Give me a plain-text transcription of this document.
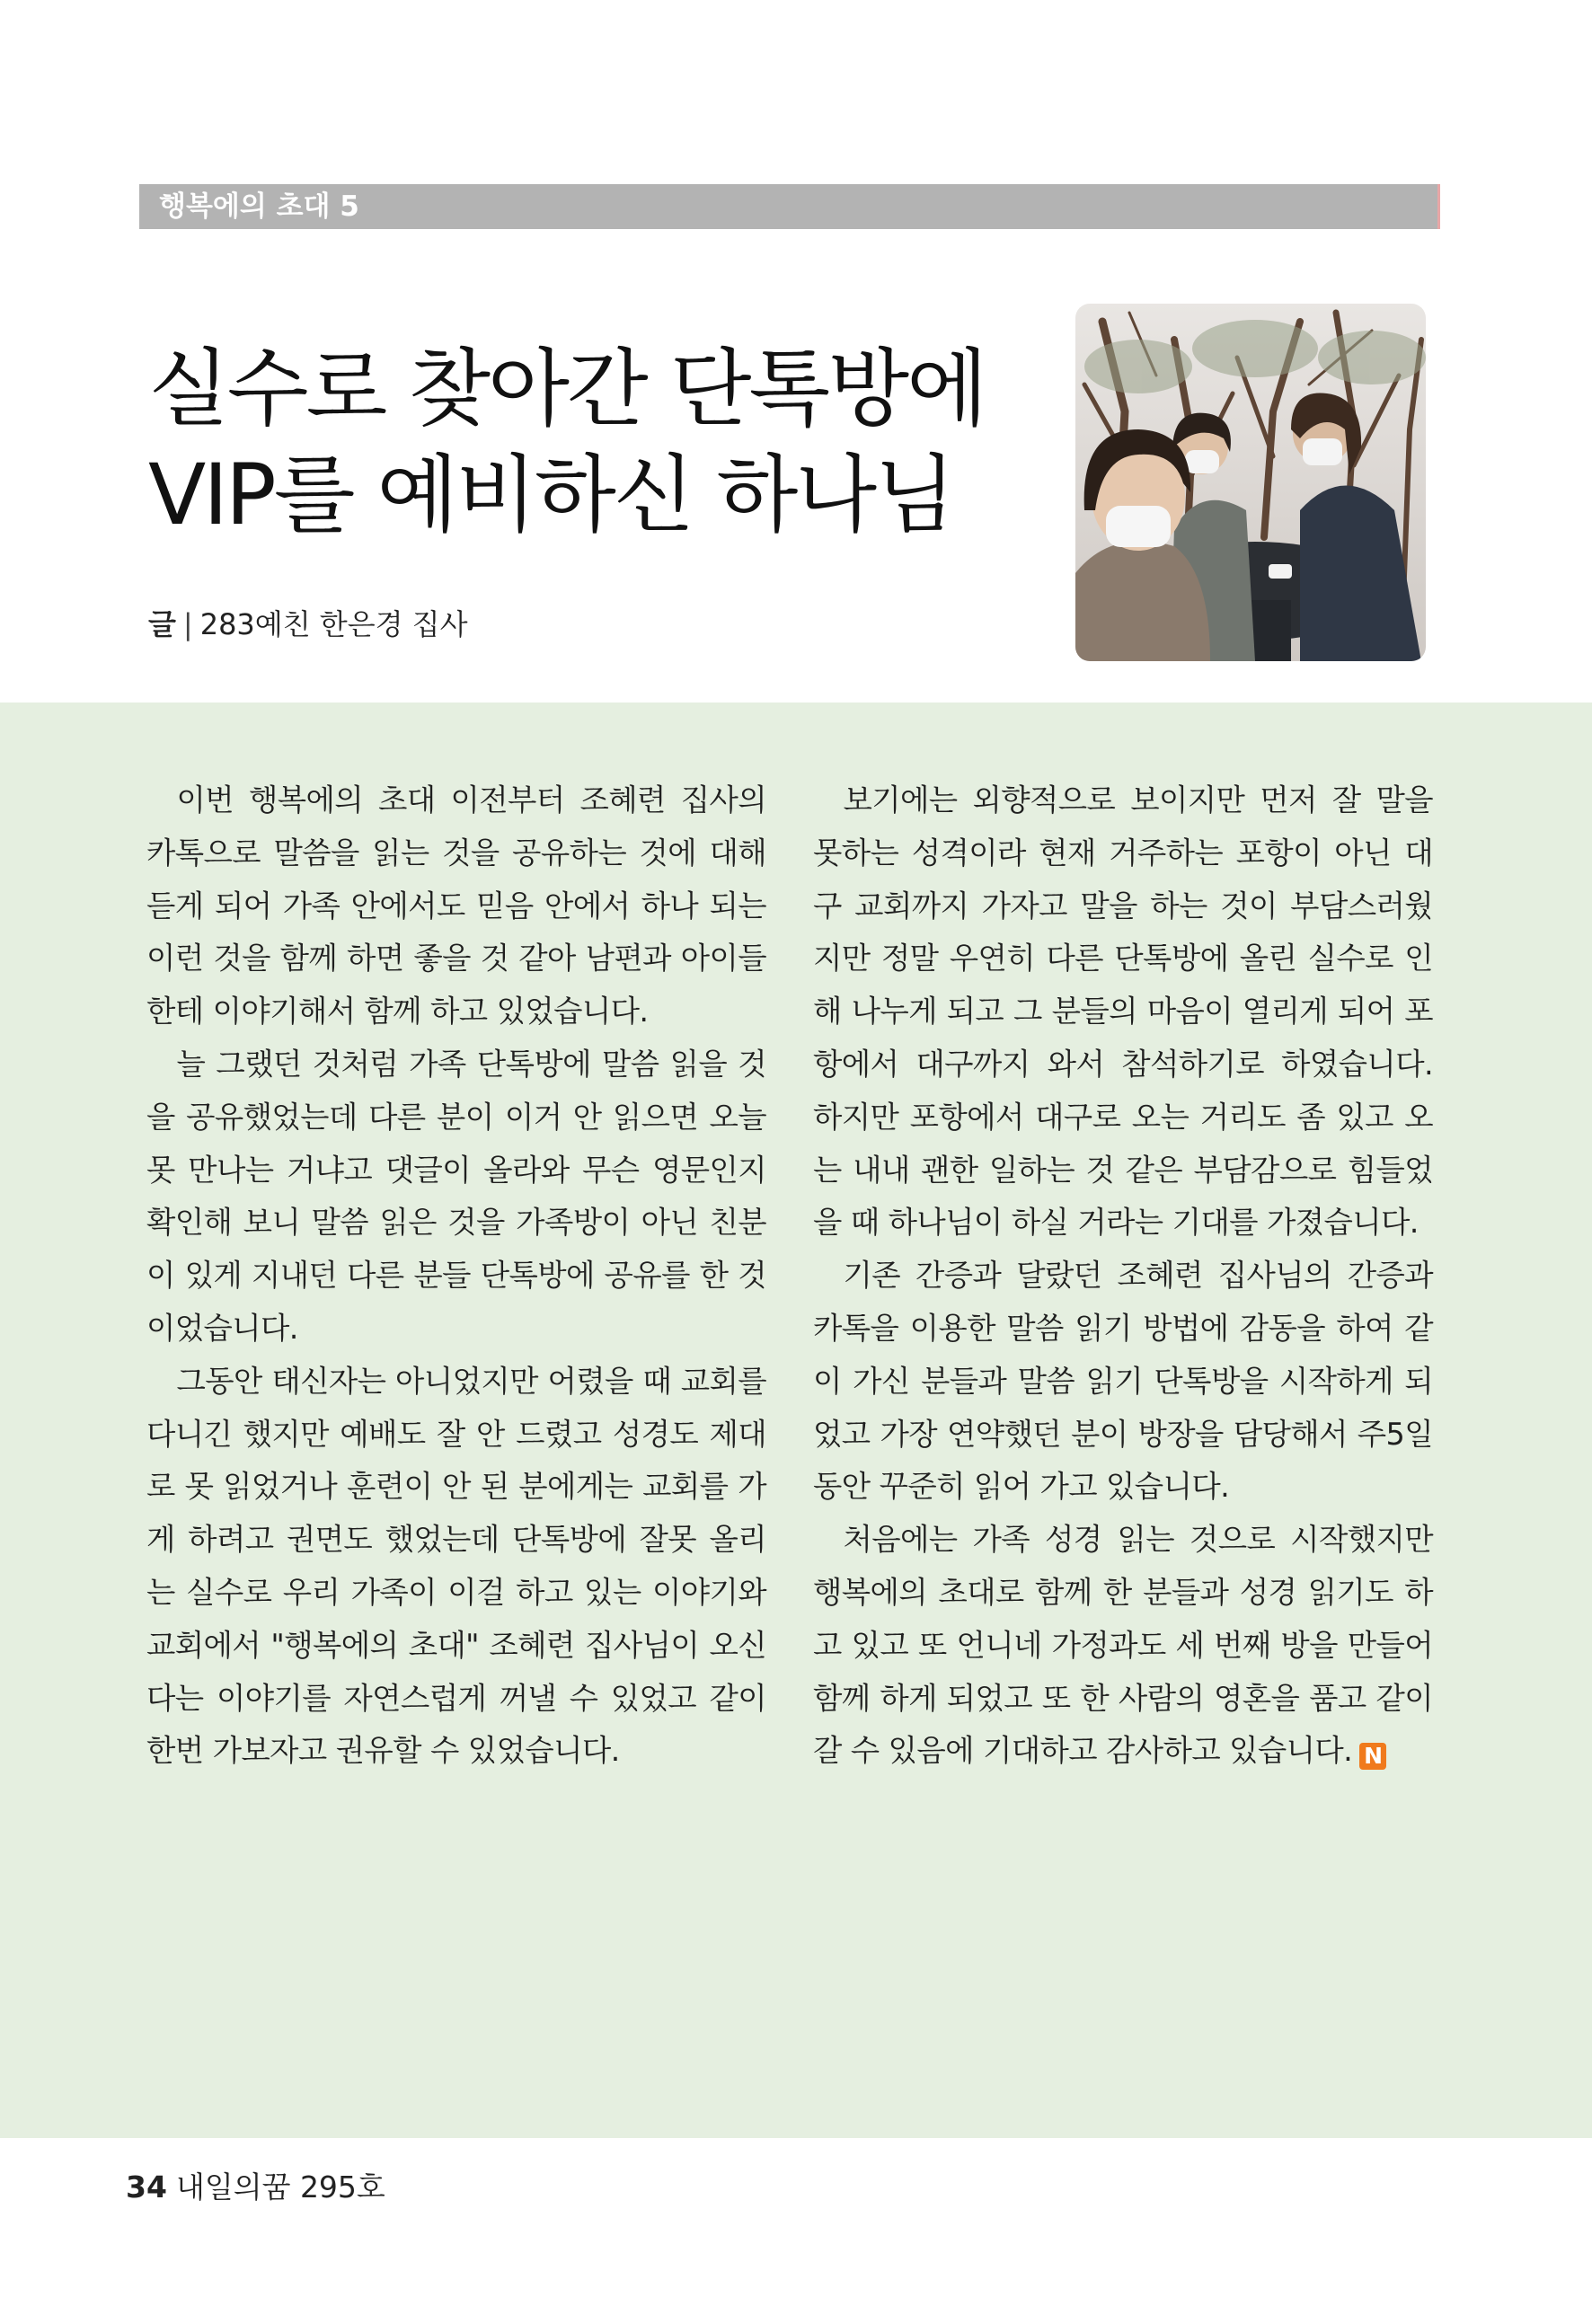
행복에의 초대 5
실수로 찾아간 단톡방에
VIP를 예비하신 하나님
글 | 283예친 한은경 집사

이번 행복에의 초대 이전부터 조혜련 집사의 카톡으로 말씀을 읽는 것을 공유하는 것에 대해 듣게 되어 가족 안에서도 믿음 안에서 하나 되는 이런 것을 함께 하면 좋을 것 같아 남편과 아이들한테 이야기해서 함께 하고 있었습니다.

늘 그랬던 것처럼 가족 단톡방에 말씀 읽을 것을 공유했었는데 다른 분이 이거 안 읽으면 오늘 못 만나는 거냐고 댓글이 올라와 무슨 영문인지 확인해 보니 말씀 읽은 것을 가족방이 아닌 친분이 있게 지내던 다른 분들 단톡방에 공유를 한 것이었습니다.

그동안 태신자는 아니었지만 어렸을 때 교회를 다니긴 했지만 예배도 잘 안 드렸고 성경도 제대로 못 읽었거나 훈련이 안 된 분에게는 교회를 가게 하려고 권면도 했었는데 단톡방에 잘못 올리는 실수로 우리 가족이 이걸 하고 있는 이야기와 교회에서 "행복에의 초대" 조혜련 집사님이 오신다는 이야기를 자연스럽게 꺼낼 수 있었고 같이 한번 가보자고 권유할 수 있었습니다.

보기에는 외향적으로 보이지만 먼저 잘 말을 못하는 성격이라 현재 거주하는 포항이 아닌 대구 교회까지 가자고 말을 하는 것이 부담스러웠지만 정말 우연히 다른 단톡방에 올린 실수로 인해 나누게 되고 그 분들의 마음이 열리게 되어 포항에서 대구까지 와서 참석하기로 하였습니다. 하지만 포항에서 대구로 오는 거리도 좀 있고 오는 내내 괜한 일하는 것 같은 부담감으로 힘들었을 때 하나님이 하실 거라는 기대를 가졌습니다.

기존 간증과 달랐던 조혜련 집사님의 간증과 카톡을 이용한 말씀 읽기 방법에 감동을 하여 같이 가신 분들과 말씀 읽기 단톡방을 시작하게 되었고 가장 연약했던 분이 방장을 담당해서 주5일 동안 꾸준히 읽어 가고 있습니다.

처음에는 가족 성경 읽는 것으로 시작했지만 행복에의 초대로 함께 한 분들과 성경 읽기도 하고 있고 또 언니네 가정과도 세 번째 방을 만들어 함께 하게 되었고 또 한 사람의 영혼을 품고 같이 갈 수 있음에 기대하고 감사하고 있습니다. N

34 내일의꿈 295호
